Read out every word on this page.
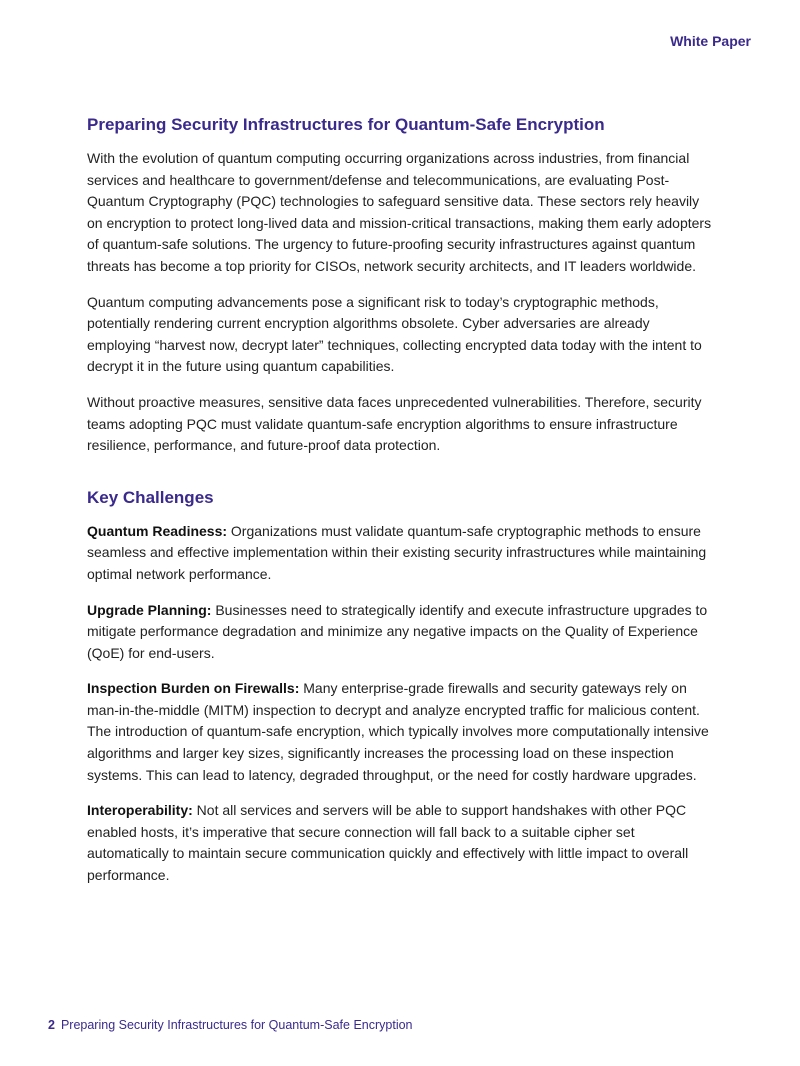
White Paper
Preparing Security Infrastructures for Quantum-Safe Encryption

With the evolution of quantum computing occurring organizations across industries, from financial services and healthcare to government/defense and telecommunications, are evaluating Post-Quantum Cryptography (PQC) technologies to safeguard sensitive data. These sectors rely heavily on encryption to protect long-lived data and mission-critical transactions, making them early adopters of quantum-safe solutions. The urgency to future-proofing security infrastructures against quantum threats has become a top priority for CISOs, network security architects, and IT leaders worldwide.

Quantum computing advancements pose a significant risk to today’s cryptographic methods, potentially rendering current encryption algorithms obsolete. Cyber adversaries are already employing “harvest now, decrypt later” techniques, collecting encrypted data today with the intent to decrypt it in the future using quantum capabilities.

Without proactive measures, sensitive data faces unprecedented vulnerabilities. Therefore, security teams adopting PQC must validate quantum-safe encryption algorithms to ensure infrastructure resilience, performance, and future-proof data protection.

Key Challenges

Quantum Readiness: Organizations must validate quantum-safe cryptographic methods to ensure seamless and effective implementation within their existing security infrastructures while maintaining optimal network performance.

Upgrade Planning: Businesses need to strategically identify and execute infrastructure upgrades to mitigate performance degradation and minimize any negative impacts on the Quality of Experience (QoE) for end-users.

Inspection Burden on Firewalls: Many enterprise-grade firewalls and security gateways rely on man-in-the-middle (MITM) inspection to decrypt and analyze encrypted traffic for malicious content. The introduction of quantum-safe encryption, which typically involves more computationally intensive algorithms and larger key sizes, significantly increases the processing load on these inspection systems. This can lead to latency, degraded throughput, or the need for costly hardware upgrades.

Interoperability: Not all services and servers will be able to support handshakes with other PQC enabled hosts, it’s imperative that secure connection will fall back to a suitable cipher set automatically to maintain secure communication quickly and effectively with little impact to overall performance.

2 Preparing Security Infrastructures for Quantum-Safe Encryption
